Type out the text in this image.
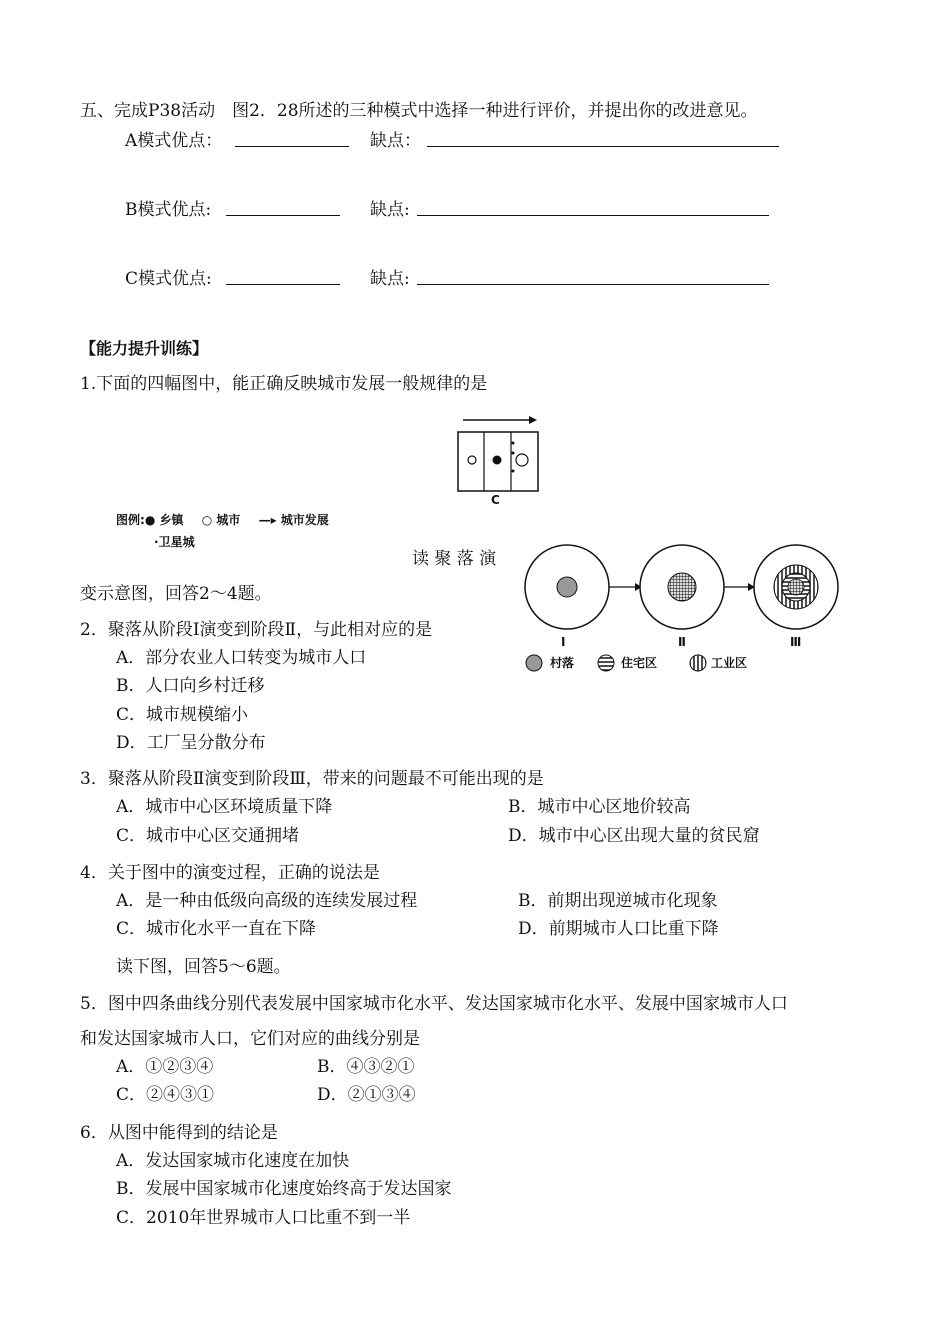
五、完成P38活动　图2．28所述的三种模式中选择一种进行评价，并提出你的改进意见。
A模式优点：	缺点：
B模式优点:	缺点:
C模式优点:	缺点:
【能力提升训练】
1.下面的四幅图中，能正确反映城市发展一般规律的是
C
图例:● 乡镇 ○ 城市 —▸ 城市发展
·卫星城
读 聚 落 演
变示意图，回答2～4题。
Ⅰ	Ⅱ	Ⅲ
村落	住宅区	工业区
2．聚落从阶段Ⅰ演变到阶段Ⅱ，与此相对应的是
A．部分农业人口转变为城市人口
B．人口向乡村迁移
C．城市规模缩小
D．工厂呈分散分布
3．聚落从阶段Ⅱ演变到阶段Ⅲ，带来的问题最不可能出现的是
A．城市中心区环境质量下降	B．城市中心区地价较高
C．城市中心区交通拥堵	D．城市中心区出现大量的贫民窟
4．关于图中的演变过程，正确的说法是
A．是一种由低级向高级的连续发展过程	B．前期出现逆城市化现象
C．城市化水平一直在下降	D．前期城市人口比重下降
读下图，回答5～6题。
5．图中四条曲线分别代表发展中国家城市化水平、发达国家城市化水平、发展中国家城市人口
和发达国家城市人口，它们对应的曲线分别是
A．①②③④	B．④③②①
C．②④③①	D．②①③④
6．从图中能得到的结论是
A．发达国家城市化速度在加快
B．发展中国家城市化速度始终高于发达国家
C．2010年世界城市人口比重不到一半
